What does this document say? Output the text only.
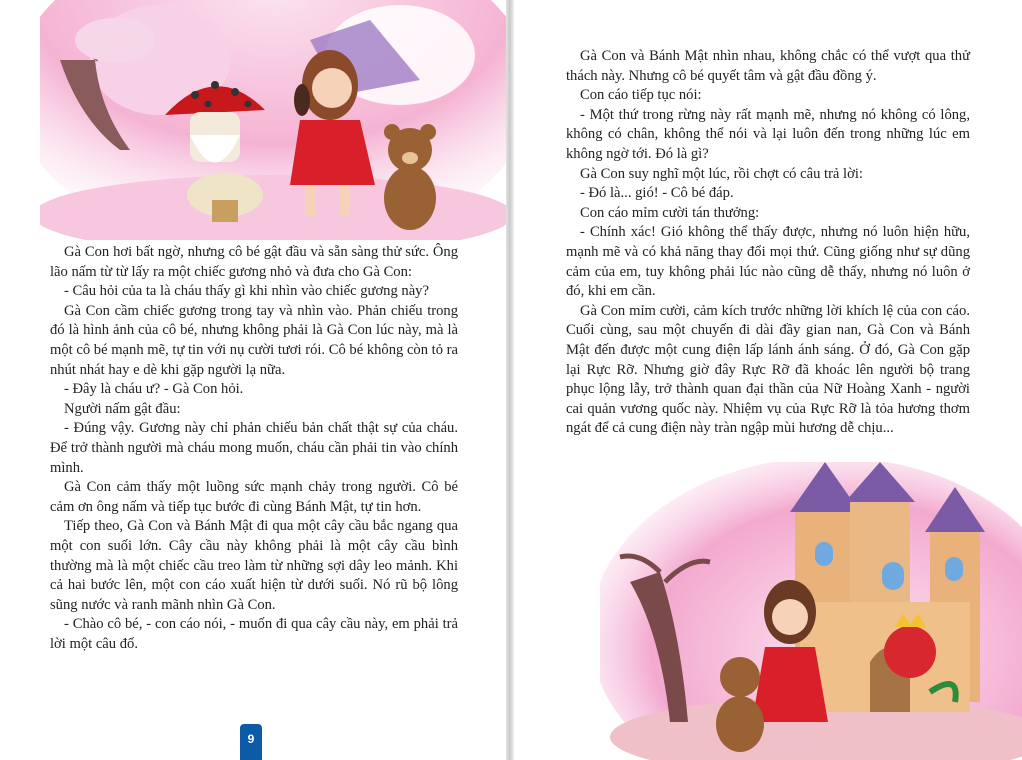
Gà Con hơi bất ngờ, nhưng cô bé gật đầu và sẵn sàng thử sức. Ông lão nấm từ từ lấy ra một chiếc gương nhỏ và đưa cho Gà Con:

- Câu hỏi của ta là cháu thấy gì khi nhìn vào chiếc gương này?

Gà Con cầm chiếc gương trong tay và nhìn vào. Phản chiếu trong đó là hình ảnh của cô bé, nhưng không phải là Gà Con lúc này, mà là một cô bé mạnh mẽ, tự tin với nụ cười tươi rói. Cô bé không còn tỏ ra nhút nhát hay e dè khi gặp người lạ nữa.

- Đây là cháu ư? - Gà Con hỏi.

Người nấm gật đầu:

- Đúng vậy. Gương này chỉ phản chiếu bản chất thật sự của cháu. Để trở thành người mà cháu mong muốn, cháu cần phải tin vào chính mình.

Gà Con cảm thấy một luồng sức mạnh chảy trong người. Cô bé cảm ơn ông nấm và tiếp tục bước đi cùng Bánh Mật, tự tin hơn.

Tiếp theo, Gà Con và Bánh Mật đi qua một cây cầu bắc ngang qua một con suối lớn. Cây cầu này không phải là một cây cầu bình thường mà là một chiếc cầu treo làm từ những sợi dây leo mảnh. Khi cả hai bước lên, một con cáo xuất hiện từ dưới suối. Nó rũ bộ lông sũng nước và ranh mãnh nhìn Gà Con.

- Chào cô bé, - con cáo nói, - muốn đi qua cây cầu này, em phải trả lời một câu đố.

9

Gà Con và Bánh Mật nhìn nhau, không chắc có thể vượt qua thử thách này. Nhưng cô bé quyết tâm và gật đầu đồng ý.

Con cáo tiếp tục nói:

- Một thứ trong rừng này rất mạnh mẽ, nhưng nó không có lông, không có chân, không thể nói và lại luôn đến trong những lúc em không ngờ tới. Đó là gì?

Gà Con suy nghĩ một lúc, rồi chợt có câu trả lời:

- Đó là... gió! - Cô bé đáp.

Con cáo mỉm cười tán thưởng:

- Chính xác! Gió không thể thấy được, nhưng nó luôn hiện hữu, mạnh mẽ và có khả năng thay đổi mọi thứ. Cũng giống như sự dũng cảm của em, tuy không phải lúc nào cũng dễ thấy, nhưng nó luôn ở đó, khi em cần.

Gà Con mỉm cười, cảm kích trước những lời khích lệ của con cáo. Cuối cùng, sau một chuyến đi dài đầy gian nan, Gà Con và Bánh Mật đến được một cung điện lấp lánh ánh sáng. Ở đó, Gà Con gặp lại Rực Rỡ. Nhưng giờ đây Rực Rỡ đã khoác lên người bộ trang phục lộng lẫy, trở thành quan đại thần của Nữ Hoàng Xanh - người cai quản vương quốc này. Nhiệm vụ của Rực Rỡ là tỏa hương thơm ngát để cả cung điện này tràn ngập mùi hương dễ chịu...
